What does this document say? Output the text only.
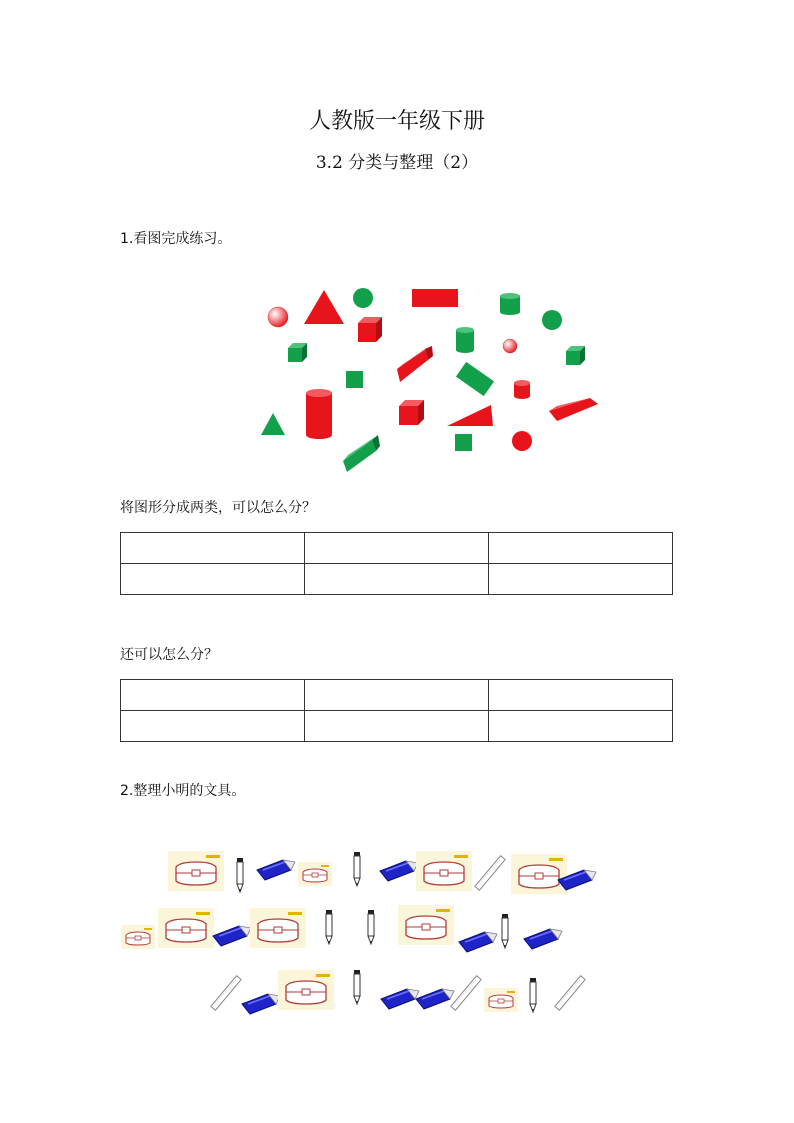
人教版一年级下册
3.2 分类与整理（2）
1.看图完成练习。
将图形分成两类，可以怎么分？

还可以怎么分？

2.整理小明的文具。
